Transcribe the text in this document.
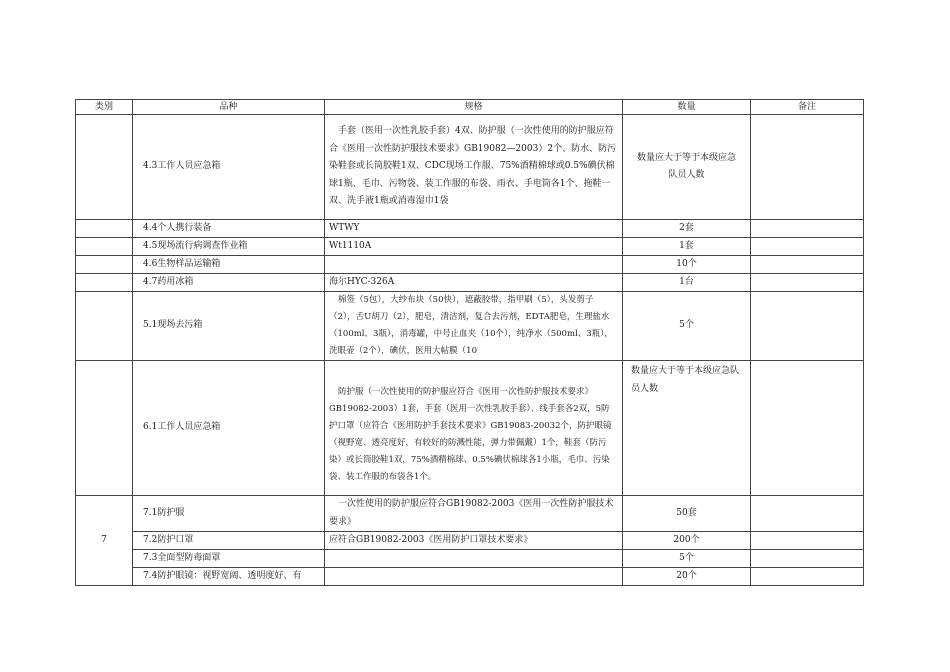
类别	品种	规格	数量	备注
	4.3工作人员应急箱	手套（医用一次性乳胶手套）4双、防护服（一次性使用的防护服应符合《医用一次性防护服技术要求》GB19082—2003）2个、防水、防污染鞋套或长筒胶鞋1双、CDC现场工作服、75%酒精棉球或0.5%碘伏棉球1瓶、毛巾、污物袋、装工作服的布袋、雨衣、手电筒各1个、拖鞋一双、洗手液1瓶或消毒湿巾1袋	数量应大于等于本级应急队员人数	
	4.4个人携行装备	WTWY	2套	
	4.5现场流行病调查作业箱	Wt1110A	1套	
	4.6生物样品运输箱		10个	
	4.7药用冰箱	海尔HYC-326A	1台	
	5.1现场去污箱	棉签（5包），大纱布块（50快），遮蔽胶带，指甲刷（5），头发剪子（2），舌U胡刀（2），肥皂，清洁剂，复合去污剂，EDTA肥皂，生理盐水（100ml、3瓶），消毒罐，中号止血夹（10个），纯净水（500ml、3瓶），洗眼壶（2个），碘伏，医用大帖膜（10	5个	
	6.1工作人员应急箱	防护服（一次性使用的防护服应符合《医用一次性防护服技术要求》GB19082-2003）1套，手套（医用一次性乳胶手套）、线手套各2双，5防护口罩（应符合《医用防护手套技术要求》GB19083-20032个，防护眼镜（视野宽、透亮度好，有较好的防溅性能，弹力带佩戴）1个，鞋套（防污染）或长筒胶鞋1双，75%酒精棉球、0.5%碘伏棉球各1小瓶，毛巾、污染袋、装工作服的布袋各1个。	数量应大于等于本级应急队员人数	
7	7.1防护服	一次性使用的防护服应符合GB19082-2003《医用一次性防护服技术要求》	50套	
	7.2防护口罩	应符合GB19082-2003《医用防护口罩技术要求》	200个	
	7.3全面型防毒面罩		5个	
	7.4防护眼镜：视野宽阔、透明度好、有		20个	
